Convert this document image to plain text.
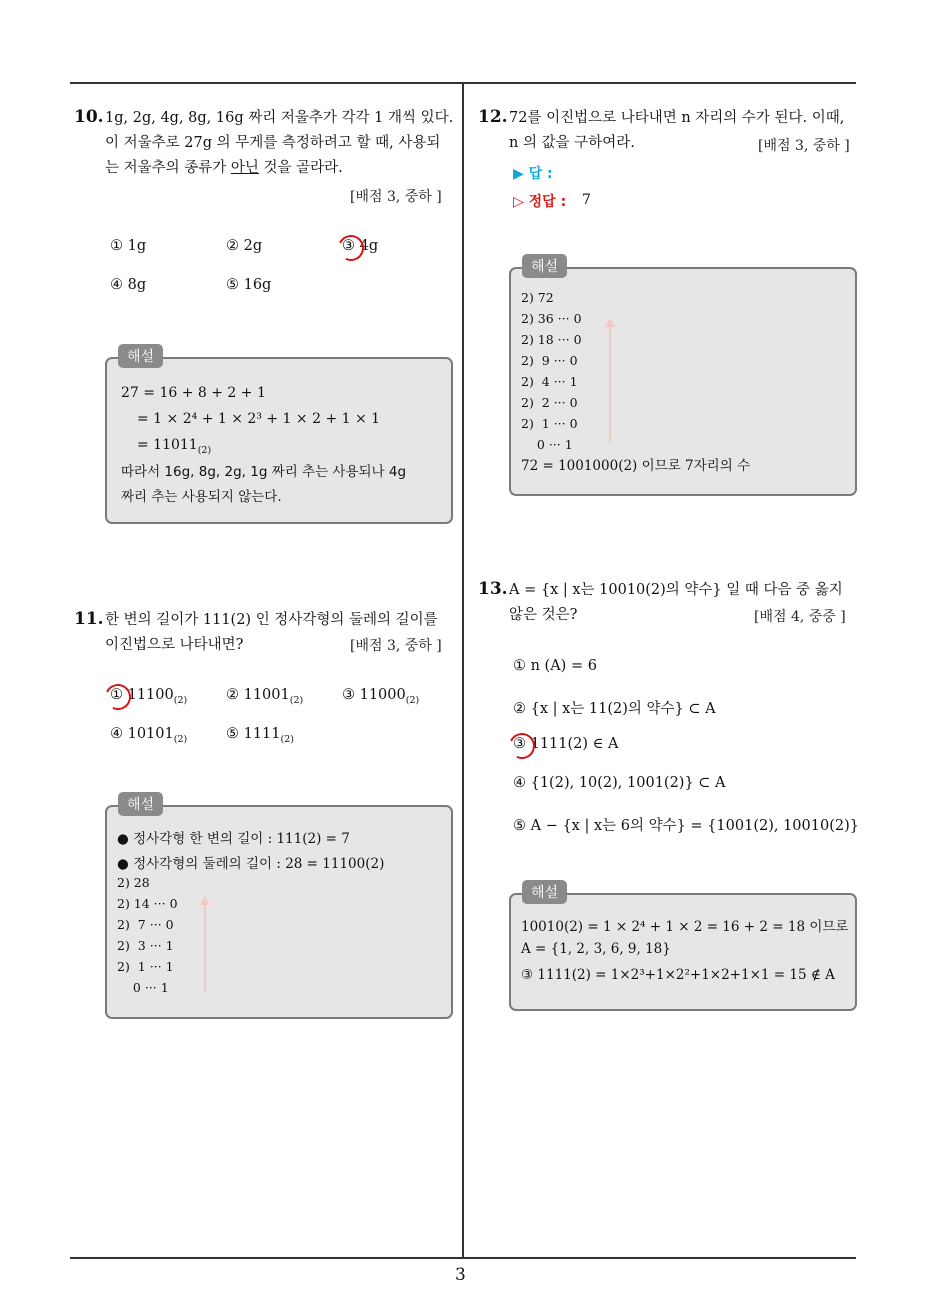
3
10. 1g, 2g, 4g, 8g, 16g 짜리 저울추가 각각 1 개씩 있다.
이 저울추로 27g 의 무게를 측정하려고 할 때, 사용되
는 저울추의 종류가 아닌 것을 골라라.
[배점 3, 중하 ]
① 1g	② 2g	③ 4g
④ 8g	⑤ 16g
해설
27 = 16 + 8 + 2 + 1
= 1 × 2⁴ + 1 × 2³ + 1 × 2 + 1 × 1
= $11011_{(2)}$
따라서 16g, 8g, 2g, 1g 짜리 추는 사용되나 4g
짜리 추는 사용되지 않는다.
11. 한 변의 길이가 111(2) 인 정사각형의 둘레의 길이를
이진법으로 나타내면?	[배점 3, 중하 ]
① $11100_{(2)}$	② $11001_{(2)}$	③ $11000_{(2)}$
④ $10101_{(2)}$	⑤ $1111_{(2)}$
해설
● 정사각형 한 변의 길이 : 111(2) = 7
● 정사각형의 둘레의 길이 : 28 = 11100(2)
2) 28
2) 14 ··· 0
2)  7 ··· 0
2)  3 ··· 1
2)  1 ··· 1
0 ··· 1
12. 72를 이진법으로 나타내면 n 자리의 수가 된다. 이때,
n 의 값을 구하여라.	[배점 3, 중하 ]
▶ 답 :
▷ 정답 : 7
해설
2) 72
2) 36 ··· 0
2) 18 ··· 0
2)  9 ··· 0
2)  4 ··· 1
2)  2 ··· 0
2)  1 ··· 0
0 ··· 1
72 = 1001000(2) 이므로 7자리의 수
13. A = {x | x는 10010(2)의 약수} 일 때 다음 중 옳지
않은 것은?	[배점 4, 중중 ]
① n (A) = 6
② {x | x는 11(2)의 약수} ⊂ A
③ 1111(2) ∈ A
④ {1(2), 10(2), 1001(2)} ⊂ A
⑤ A − {x | x는 6의 약수} = {1001(2), 10010(2)}
해설
10010(2) = 1 × 2⁴ + 1 × 2 = 16 + 2 = 18 이므로
A = {1, 2, 3, 6, 9, 18}
③ 1111(2) = 1×2³+1×2²+1×2+1×1 = 15 ∉ A
